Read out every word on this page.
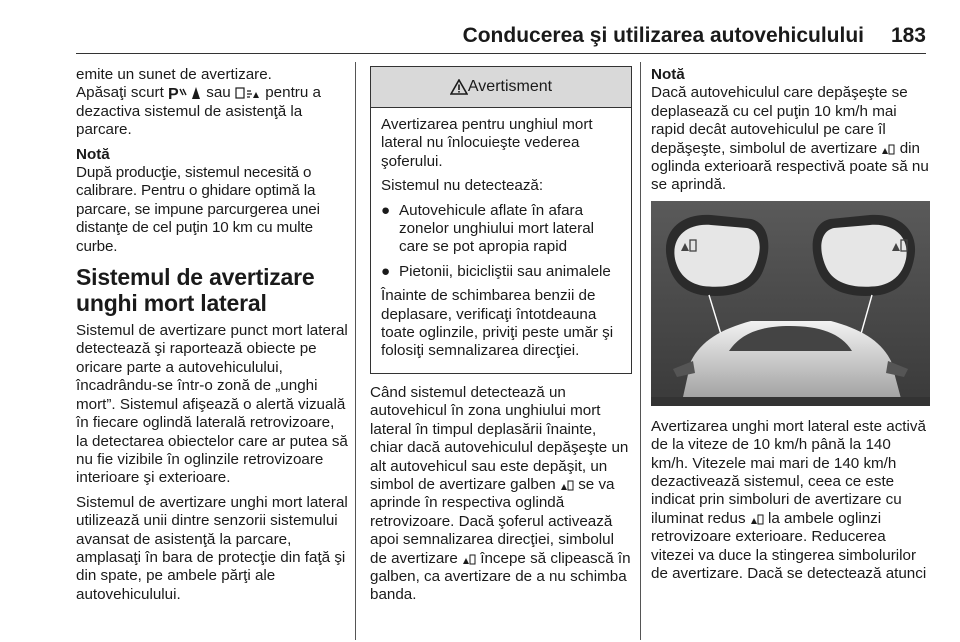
Conducerea şi utilizarea autovehiculului 183

emite un sunet de avertizare.
Apăsaţi scurt P sau pentru a
dezactiva sistemul de asistenţă la parcare.

Notă

După producţie, sistemul necesită o calibrare. Pentru o ghidare optimă la parcare, se impune parcurgerea unei distanţe de cel puţin 10 km cu multe curbe.

Sistemul de avertizare unghi mort lateral

Sistemul de avertizare punct mort lateral detectează şi raportează obiecte pe oricare parte a autovehiculului, încadrându-se într-o zonă de „unghi mort”. Sistemul afişează o alertă vizuală în fiecare oglindă laterală retrovizoare, la detectarea obiectelor care ar putea să nu fie vizibile în oglinzile retrovizoare interioare şi exterioare.

Sistemul de avertizare unghi mort lateral utilizează unii dintre senzorii sistemului avansat de asistenţă la parcare, amplasaţi în bara de protecţie din faţă şi din spate, pe ambele părţi ale autovehiculului.

Avertisment

Avertizarea pentru unghiul mort lateral nu înlocuieşte vederea şoferului.

Sistemul nu detectează:

● Autovehicule aflate în afara zonelor unghiului mort lateral care se pot apropia rapid
● Pietonii, bicicliştii sau animalele

Înainte de schimbarea benzii de deplasare, verificaţi întotdeauna toate oglinzile, priviţi peste umăr şi folosiţi semnalizarea direcţiei.

Când sistemul detectează un autovehicul în zona unghiului mort lateral în timpul deplasării înainte, chiar dacă autovehiculul depăşeşte un alt autovehicul sau este depăşit, un simbol de avertizare galben se va aprinde în respectiva oglindă retrovizoare. Dacă şoferul activează apoi semnalizarea direcţiei, simbolul de avertizare începe să clipească în galben, ca avertizare de a nu schimba banda.

Notă

Dacă autovehiculul care depăşeşte se deplasează cu cel puţin 10 km/h mai rapid decât autovehiculul pe care îl depăşeşte, simbolul de avertizare din oglinda exterioară respectivă poate să nu se aprindă.

Avertizarea unghi mort lateral este activă de la viteze de 10 km/h până la 140 km/h. Vitezele mai mari de 140 km/h dezactivează sistemul, ceea ce este indicat prin simboluri de avertizare cu iluminat redus la ambele oglinzi retrovizoare exterioare. Reducerea vitezei va duce la stingerea simbolurilor de avertizare. Dacă se detectează atunci
